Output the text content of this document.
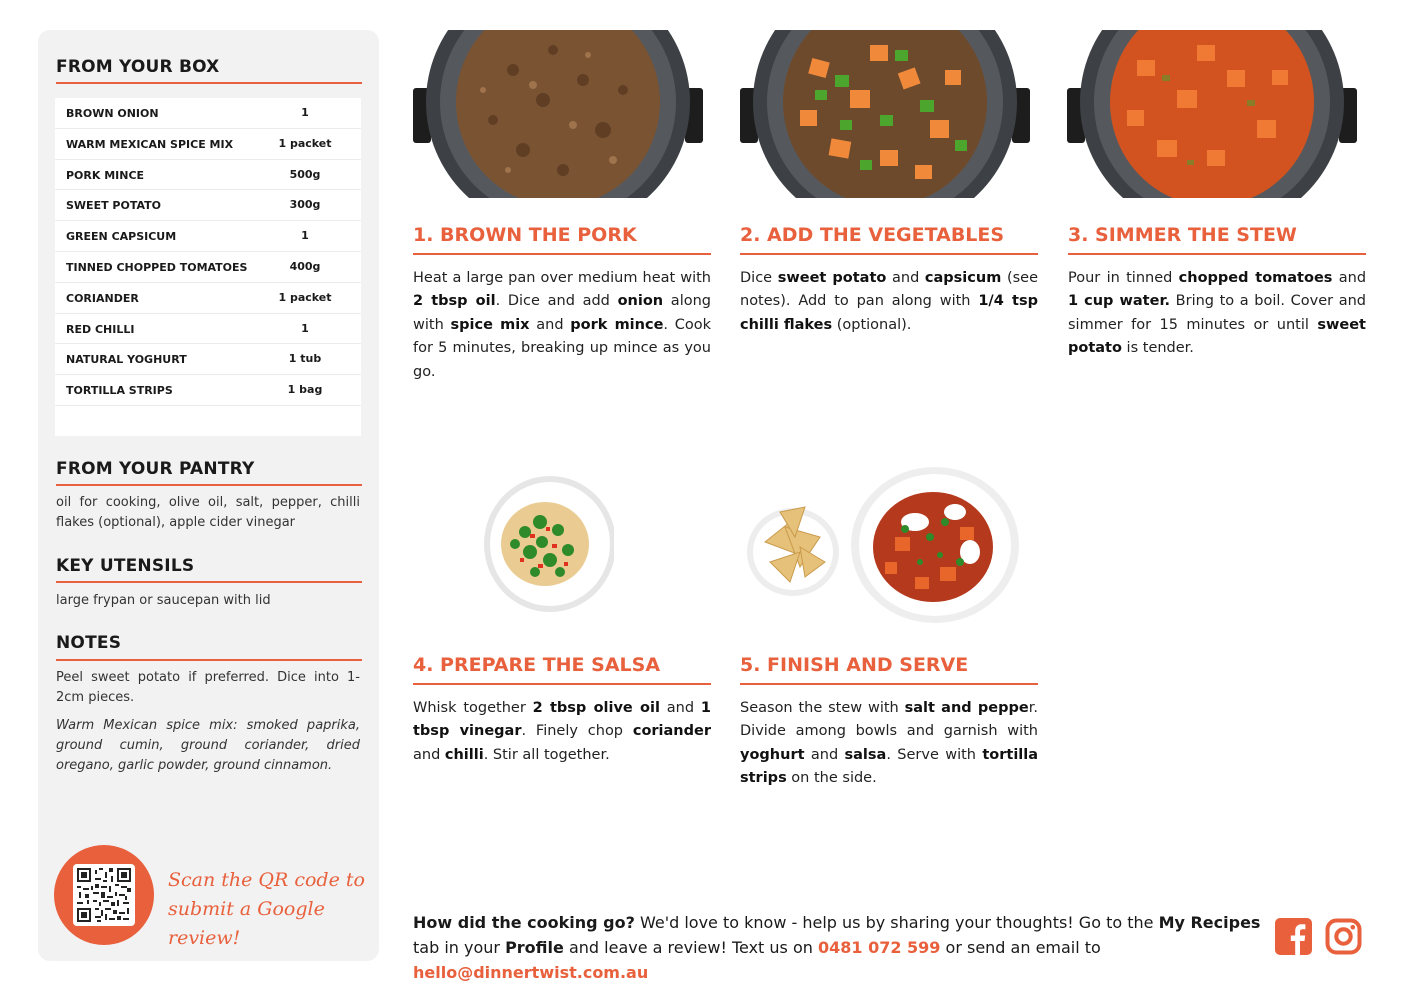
FROM YOUR BOX
BROWN ONION	1
WARM MEXICAN SPICE MIX	1 packet
PORK MINCE	500g
SWEET POTATO	300g
GREEN CAPSICUM	1
TINNED CHOPPED TOMATOES	400g
CORIANDER	1 packet
RED CHILLI	1
NATURAL YOGHURT	1 tub
TORTILLA STRIPS	1 bag
FROM YOUR PANTRY
oil for cooking, olive oil, salt, pepper, chilli flakes (optional), apple cider vinegar
KEY UTENSILS
large frypan or saucepan with lid
NOTES
Peel sweet potato if preferred. Dice into 1-2cm pieces.
Warm Mexican spice mix: smoked paprika, ground cumin, ground coriander, dried oregano, garlic powder, ground cinnamon.
Scan the QR code to
submit a Google review!
1. BROWN THE PORK
Heat a large pan over medium heat with 2 tbsp oil. Dice and add onion along with spice mix and pork mince. Cook for 5 minutes, breaking up mince as you go.
2. ADD THE VEGETABLES
Dice sweet potato and capsicum (see notes). Add to pan along with 1/4 tsp chilli flakes (optional).
3. SIMMER THE STEW
Pour in tinned chopped tomatoes and 1 cup water. Bring to a boil. Cover and simmer for 15 minutes or until sweet potato is tender.
4. PREPARE THE SALSA
Whisk together 2 tbsp olive oil and 1 tbsp vinegar. Finely chop coriander and chilli. Stir all together.
5. FINISH AND SERVE
Season the stew with salt and pepper. Divide among bowls and garnish with yoghurt and salsa. Serve with tortilla strips on the side.
How did the cooking go? We'd love to know - help us by sharing your thoughts! Go to the My Recipes tab in your Profile and leave a review! Text us on 0481 072 599 or send an email to hello@dinnertwist.com.au
